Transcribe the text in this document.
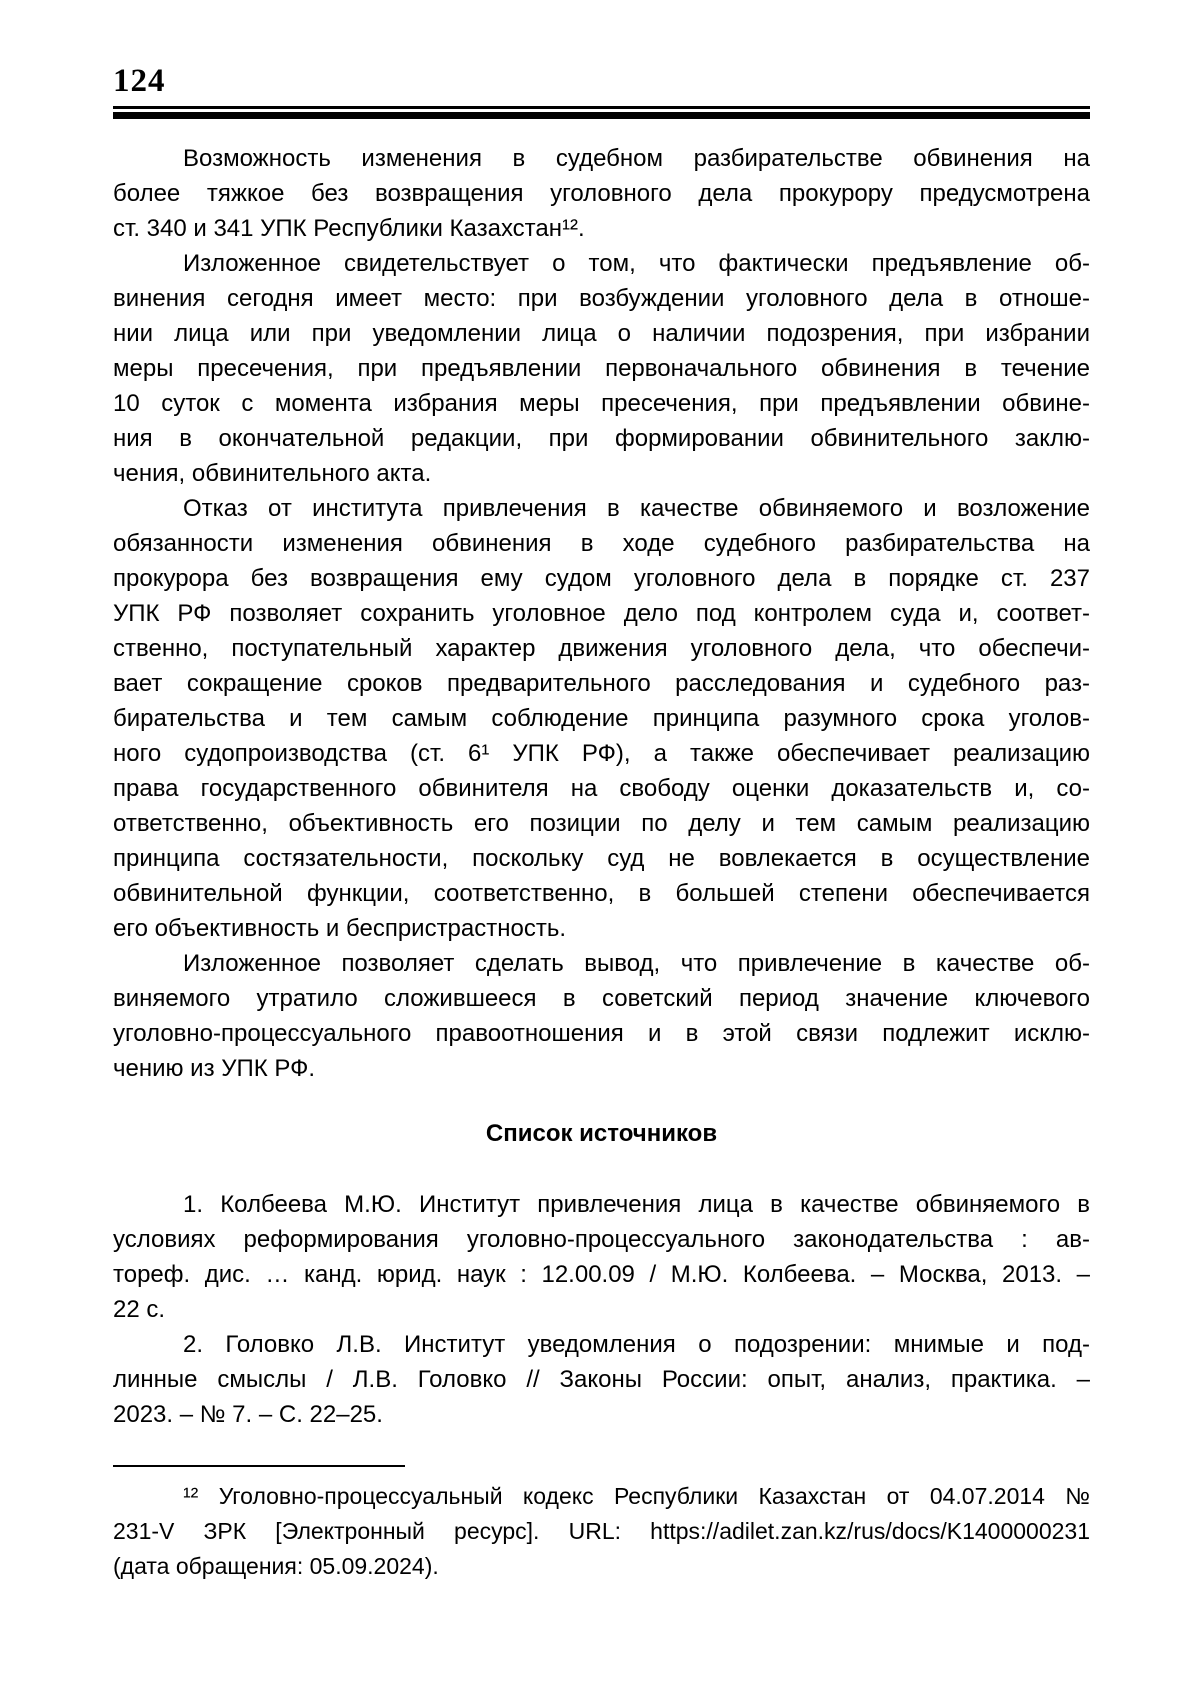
124
Возможность изменения в судебном разбирательстве обвинения на
более тяжкое без возвращения уголовного дела прокурору предусмотрена
ст. 340 и 341 УПК Республики Казахстан¹².
Изложенное свидетельствует о том, что фактически предъявление об-
винения сегодня имеет место: при возбуждении уголовного дела в отноше-
нии лица или при уведомлении лица о наличии подозрения, при избрании
меры пресечения, при предъявлении первоначального обвинения в течение
10 суток с момента избрания меры пресечения, при предъявлении обвине-
ния в окончательной редакции, при формировании обвинительного заклю-
чения, обвинительного акта.
Отказ от института привлечения в качестве обвиняемого и возложение
обязанности изменения обвинения в ходе судебного разбирательства на
прокурора без возвращения ему судом уголовного дела в порядке ст. 237
УПК РФ позволяет сохранить уголовное дело под контролем суда и, соответ-
ственно, поступательный характер движения уголовного дела, что обеспечи-
вает сокращение сроков предварительного расследования и судебного раз-
бирательства и тем самым соблюдение принципа разумного срока уголов-
ного судопроизводства (ст. 6¹ УПК РФ), а также обеспечивает реализацию
права государственного обвинителя на свободу оценки доказательств и, со-
ответственно, объективность его позиции по делу и тем самым реализацию
принципа состязательности, поскольку суд не вовлекается в осуществление
обвинительной функции, соответственно, в большей степени обеспечивается
его объективность и беспристрастность.
Изложенное позволяет сделать вывод, что привлечение в качестве об-
виняемого утратило сложившееся в советский период значение ключевого
уголовно-процессуального правоотношения и в этой связи подлежит исклю-
чению из УПК РФ.
Список источников
1. Колбеева М.Ю. Институт привлечения лица в качестве обвиняемого в
условиях реформирования уголовно-процессуального законодательства : ав-
тореф. дис. … канд. юрид. наук : 12.00.09 / М.Ю. Колбеева. – Москва, 2013. –
22 с.
2. Головко Л.В. Институт уведомления о подозрении: мнимые и под-
линные смыслы / Л.В. Головко // Законы России: опыт, анализ, практика. –
2023. – № 7. – С. 22–25.
¹² Уголовно-процессуальный кодекс Республики Казахстан от 04.07.2014 №
231-V ЗРК [Электронный ресурс]. URL: https://adilet.zan.kz/rus/docs/K1400000231
(дата обращения: 05.09.2024).
